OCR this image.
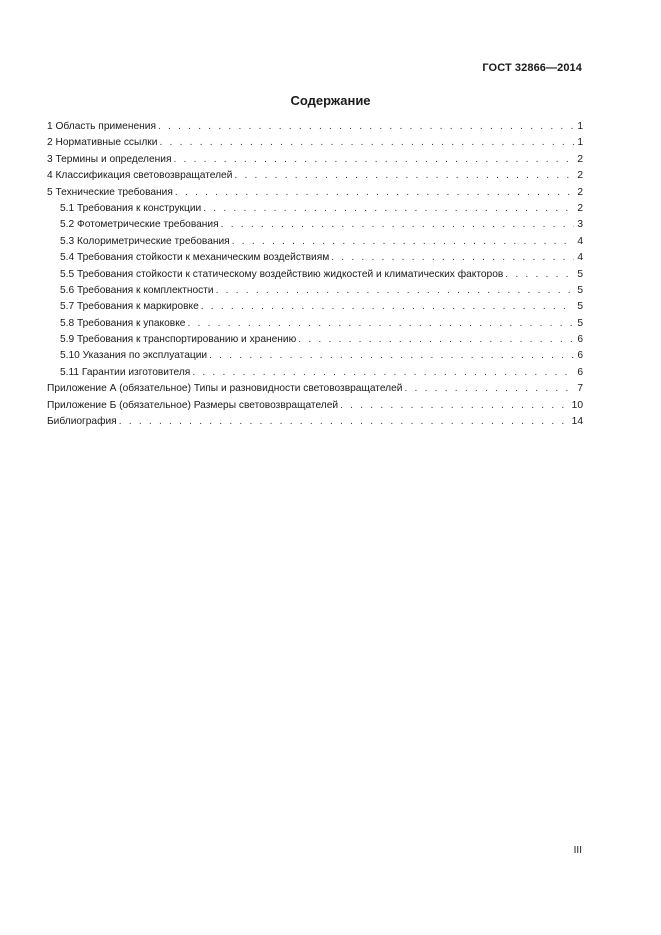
ГОСТ 32866—2014
Содержание
1 Область применения . . .	1
2 Нормативные ссылки . . .	1
3 Термины и определения . . .	2
4 Классификация световозвращателей . . .	2
5 Технические требования . . .	2
5.1 Требования к конструкции . . .	2
5.2 Фотометрические требования . . .	3
5.3 Колориметрические требования . . .	4
5.4 Требования стойкости к механическим воздействиям . . .	4
5.5 Требования стойкости к статическому воздействию жидкостей и климатических факторов . . .	5
5.6 Требования к комплектности . . .	5
5.7 Требования к маркировке . . .	5
5.8 Требования к упаковке . . .	5
5.9 Требования к транспортированию и хранению . . .	6
5.10 Указания по эксплуатации . . .	6
5.11 Гарантии изготовителя . . .	6
Приложение А (обязательное) Типы и разновидности световозвращателей . . .	7
Приложение Б (обязательное) Размеры световозвращателей . . .	10
Библиография . . .	14
III
